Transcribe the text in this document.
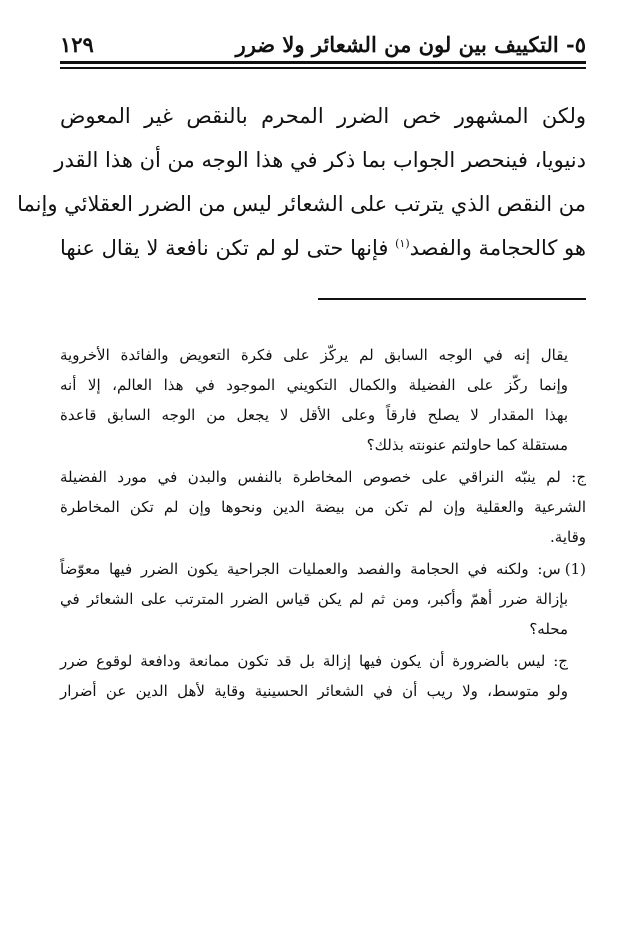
٥- التكييف بين لون من الشعائر ولا ضرر
١٢٩
ولكن المشهور خص الضرر المحرم بالنقص غير المعوض
دنيويا، فينحصر الجواب بما ذكر في هذا الوجه من أن هذا القدر
من النقص الذي يترتب على الشعائر ليس من الضرر العقلائي وإنما
هو كالحجامة والفصد$^{(١)}$ فإنها حتى لو لم تكن نافعة لا يقال عنها
يقال إنه في الوجه السابق لم يركّز على فكرة التعويض والفائدة الأخروية
وإنما ركّز على الفضيلة والكمال التكويني الموجود في هذا العالم، إلا أنه
بهذا المقدار لا يصلح فارقاً وعلى الأقل لا يجعل من الوجه السابق قاعدة
مستقلة كما حاولتم عنونته بذلك؟
ج: لم ينبّه النراقي على خصوص المخاطرة بالنفس والبدن في مورد الفضيلة
الشرعية والعقلية وإن لم تكن من بيضة الدين ونحوها وإن لم تكن المخاطرة
وقاية.
(1)س: ولكنه في الحجامة والفصد والعمليات الجراحية يكون الضرر فيها معوّضاً
بإزالة ضرر أهمّ وأكبر، ومن ثم لم يكن قياس الضرر المترتب على الشعائر في
محله؟
ج: ليس بالضرورة أن يكون فيها إزالة بل قد تكون ممانعة ودافعة لوقوع ضرر
ولو متوسط، ولا ريب أن في الشعائر الحسينية وقاية لأهل الدين عن أضرار
